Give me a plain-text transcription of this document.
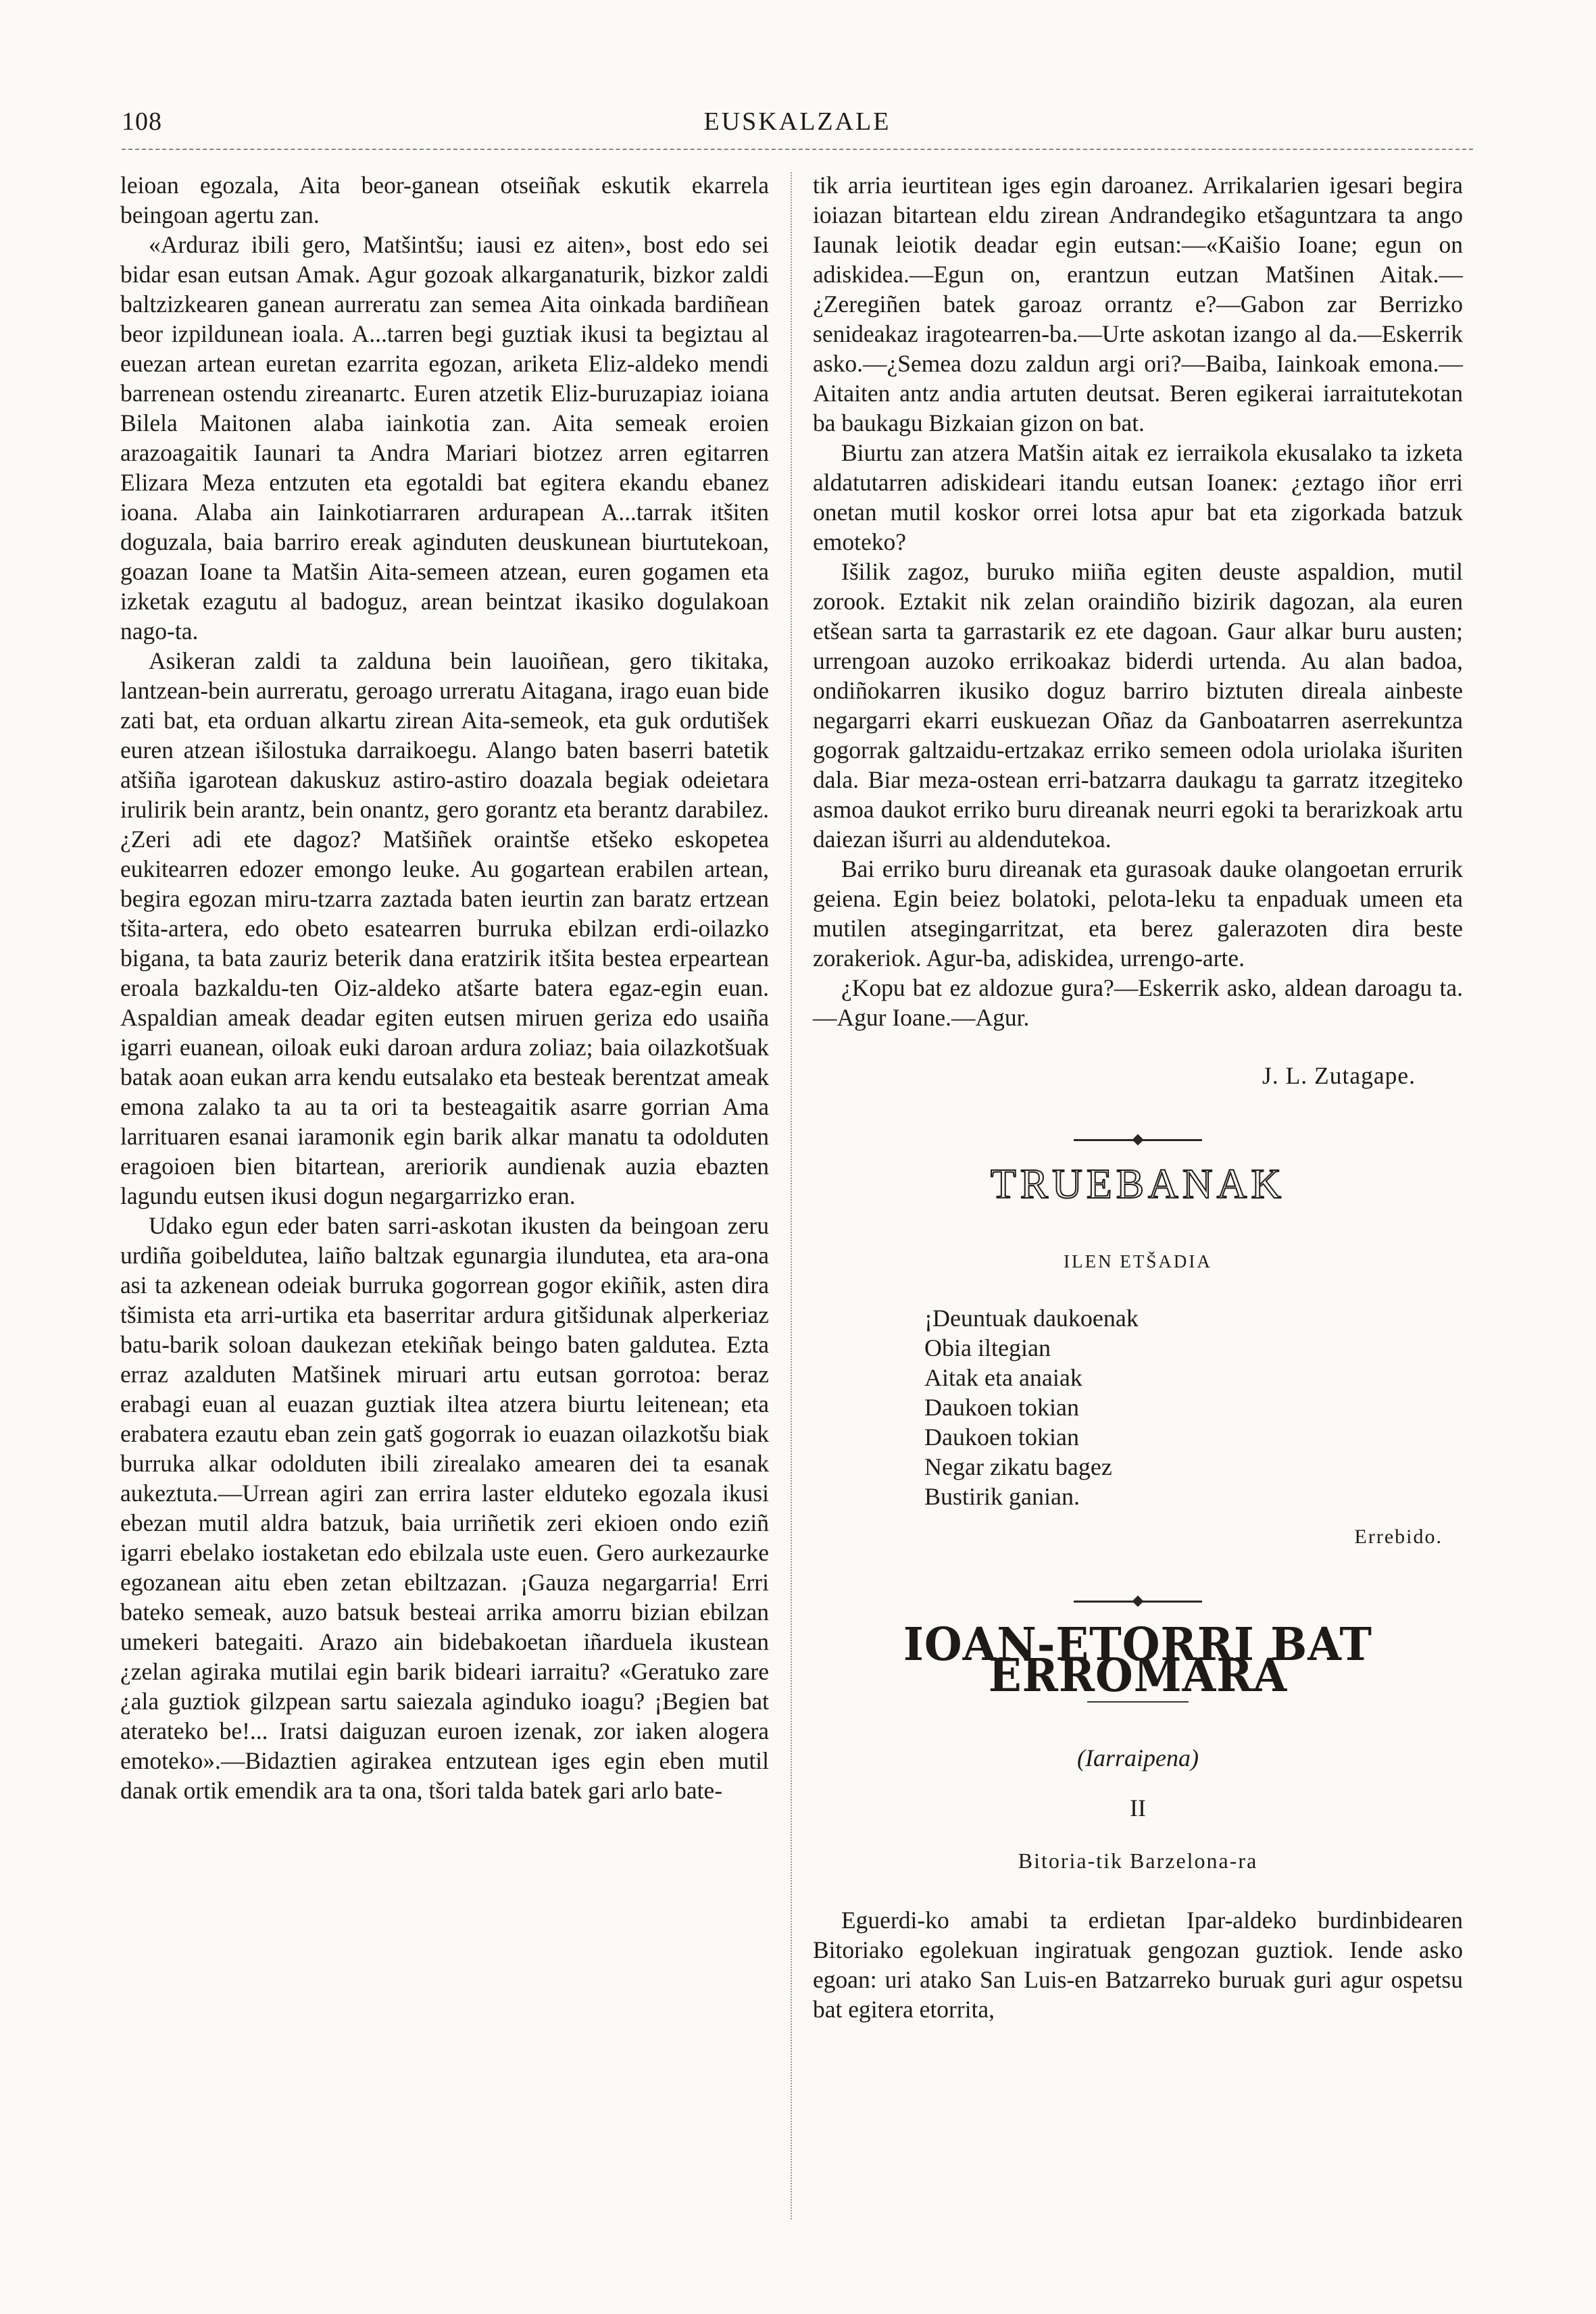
108	EUSKALZALE

leioan egozala, Aita beor-ganean otseiñak eskutik ekarrela beingoan agertu zan.

«Arduraz ibili gero, Matšintšu; iausi ez aiten», bost edo sei bidar esan eutsan Amak. Agur gozoak alkarganaturik, bizkor zaldi baltzizkearen ganean aurreratu zan semea Aita oinkada bardiñean beor izpildunean ioala. A...tarren begi guztiak ikusi ta begiztau al euezan artean euretan ezarrita egozan, ariketa Eliz-aldeko mendi barrenean ostendu zireanartc. Euren atzetik Eliz-buruzapiaz ioiana Bilela Maitonen alaba iainkotia zan. Aita semeak eroien arazoagaitik Iaunari ta Andra Mariari biotzez arren egitarren Elizara Meza entzuten eta egotaldi bat egitera ekandu ebanez ioana. Alaba ain Iainkotiarraren ardurapean A...tarrak itšiten doguzala, baia barriro ereak aginduten deuskunean biurtutekoan, goazan Ioane ta Matšin Aita-semeen atzean, euren gogamen eta izketak ezagutu al badoguz, arean beintzat ikasiko dogulakoan nago-ta.

Asikeran zaldi ta zalduna bein lauoiñean, gero tikitaka, lantzean-bein aurreratu, geroago urreratu Aitagana, irago euan bide zati bat, eta orduan alkartu zirean Aita-semeok, eta guk ordutišek euren atzean išilostuka darraikoegu. Alango baten baserri batetik atšiña igarotean dakuskuz astiro-astiro doazala begiak odeietara irulirik bein arantz, bein onantz, gero gorantz eta berantz darabilez. ¿Zeri adi ete dagoz? Matšiñek oraintše etšeko eskopetea eukitearren edozer emongo leuke. Au gogartean erabilen artean, begira egozan miru-tzarra zaztada baten ieurtin zan baratz ertzean tšita-artera, edo obeto esatearren burruka ebilzan erdi-oilazko bigana, ta bata zauriz beterik dana eratzirik itšita bestea erpeartean eroala bazkaldu-ten Oiz-aldeko atšarte batera egaz-egin euan. Aspaldian ameak deadar egiten eutsen miruen geriza edo usaiña igarri euanean, oiloak euki daroan ardura zoliaz; baia oilazkotšuak batak aoan eukan arra kendu eutsalako eta besteak berentzat ameak emona zalako ta au ta ori ta besteagaitik asarre gorrian Ama larrituaren esanai iaramonik egin barik alkar manatu ta odolduten eragoioen bien bitartean, areriorik aundienak auzia ebazten lagundu eutsen ikusi dogun negargarrizko eran.

Udako egun eder baten sarri-askotan ikusten da beingoan zeru urdiña goibeldutea, laiño baltzak egunargia ilundutea, eta ara-ona asi ta azkenean odeiak burruka gogorrean gogor ekiñik, asten dira tšimista eta arri-urtika eta baserritar ardura gitšidunak alperkeriaz batu-barik soloan daukezan etekiñak beingo baten galdutea. Ezta erraz azalduten Matšinek miruari artu eutsan gorrotoa: beraz erabagi euan al euazan guztiak iltea atzera biurtu leitenean; eta erabatera ezautu eban zein gatš gogorrak io euazan oilazkotšu biak burruka alkar odolduten ibili zirealako amearen dei ta esanak aukeztuta.—Urrean agiri zan errira laster elduteko egozala ikusi ebezan mutil aldra batzuk, baia urriñetik zeri ekioen ondo eziñ igarri ebelako iostaketan edo ebilzala uste euen. Gero aurkezaurke egozanean aitu eben zetan ebiltzazan. ¡Gauza negargarria! Erri bateko semeak, auzo batsuk besteai arrika amorru bizian ebilzan umekeri bategaiti. Arazo ain bidebakoetan iñarduela ikustean ¿zelan agiraka mutilai egin barik bideari iarraitu? «Geratuko zare ¿ala guztiok gilzpean sartu saiezala aginduko ioagu? ¡Begien bat aterateko be!... Iratsi daiguzan euroen izenak, zor iaken alogera emoteko».—Bidaztien agirakea entzutean iges egin eben mutil danak ortik emendik ara ta ona, tšori talda batek gari arlo bate-

tik arria ieurtitean iges egin daroanez. Arrikalarien igesari begira ioiazan bitartean eldu zirean Andrandegiko etšaguntzara ta ango Iaunak leiotik deadar egin eutsan:—«Kaišio Ioane; egun on adiskidea.—Egun on, erantzun eutzan Matšinen Aitak.—¿Zeregiñen batek garoaz orrantz e?—Gabon zar Berrizko senideakaz iragotearren-ba.—Urte askotan izango al da.—Eskerrik asko.—¿Semea dozu zaldun argi ori?—Baiba, Iainkoak emona.—Aitaiten antz andia artuten deutsat. Beren egikerai iarraitutekotan ba baukagu Bizkaian gizon on bat.

Biurtu zan atzera Matšin aitak ez ierraikola ekusalako ta izketa aldatutarren adiskideari itandu eutsan Ioaneк: ¿eztago iñor erri onetan mutil koskor orrei lotsa apur bat eta zigorkada batzuk emoteko?

Išilik zagoz, buruko miiña egiten deuste aspaldion, mutil zorook. Eztakit nik zelan oraindiño bizirik dagozan, ala euren etšean sarta ta garrastarik ez ete dagoan. Gaur alkar buru austen; urrengoan auzoko errikoakaz biderdi urtenda. Au alan badoa, ondiñokarren ikusiko doguz barriro biztuten direala ainbeste negargarri ekarri euskuezan Oñaz da Ganboatarren aserrekuntza gogorrak galtzaidu-ertzakaz erriko semeen odola uriolaka išuriten dala. Biar meza-ostean erri-batzarra daukagu ta garratz itzegiteko asmoa daukot erriko buru direanak neurri egoki ta berarizkoak artu daiezan išurri au aldendutekoa.

Bai erriko buru direanak eta gurasoak dauke olangoetan errurik geiena. Egin beiez bolatoki, pelota-leku ta enpaduak umeen eta mutilen atsegingarritzat, eta berez galerazoten dira beste zorakeriok. Agur-ba, adiskidea, urrengo-arte.

¿Kopu bat ez aldozue gura?—Eskerrik asko, aldean daroagu ta.—Agur Ioane.—Agur.

J. L. Zutagape.
TRUEBANAK
ILEN ETŠADIA
¡Deuntuak daukoenak
Obia iltegian
Aitak eta anaiak
Daukoen tokian
Daukoen tokian
Negar zikatu bagez
Bustirik ganian.
Errebido.
IOAN-ETORRI BAT ERROMARA
(Iarraipena)
II
Bitoria-tik Barzelona-ra

Eguerdi-ko amabi ta erdietan Ipar-aldeko burdinbidearen Bitoriako egolekuan ingiratuak gengozan guztiok. Iende asko egoan: uri atako San Luis-en Batzarreko buruak guri agur ospetsu bat egitera etorrita,
